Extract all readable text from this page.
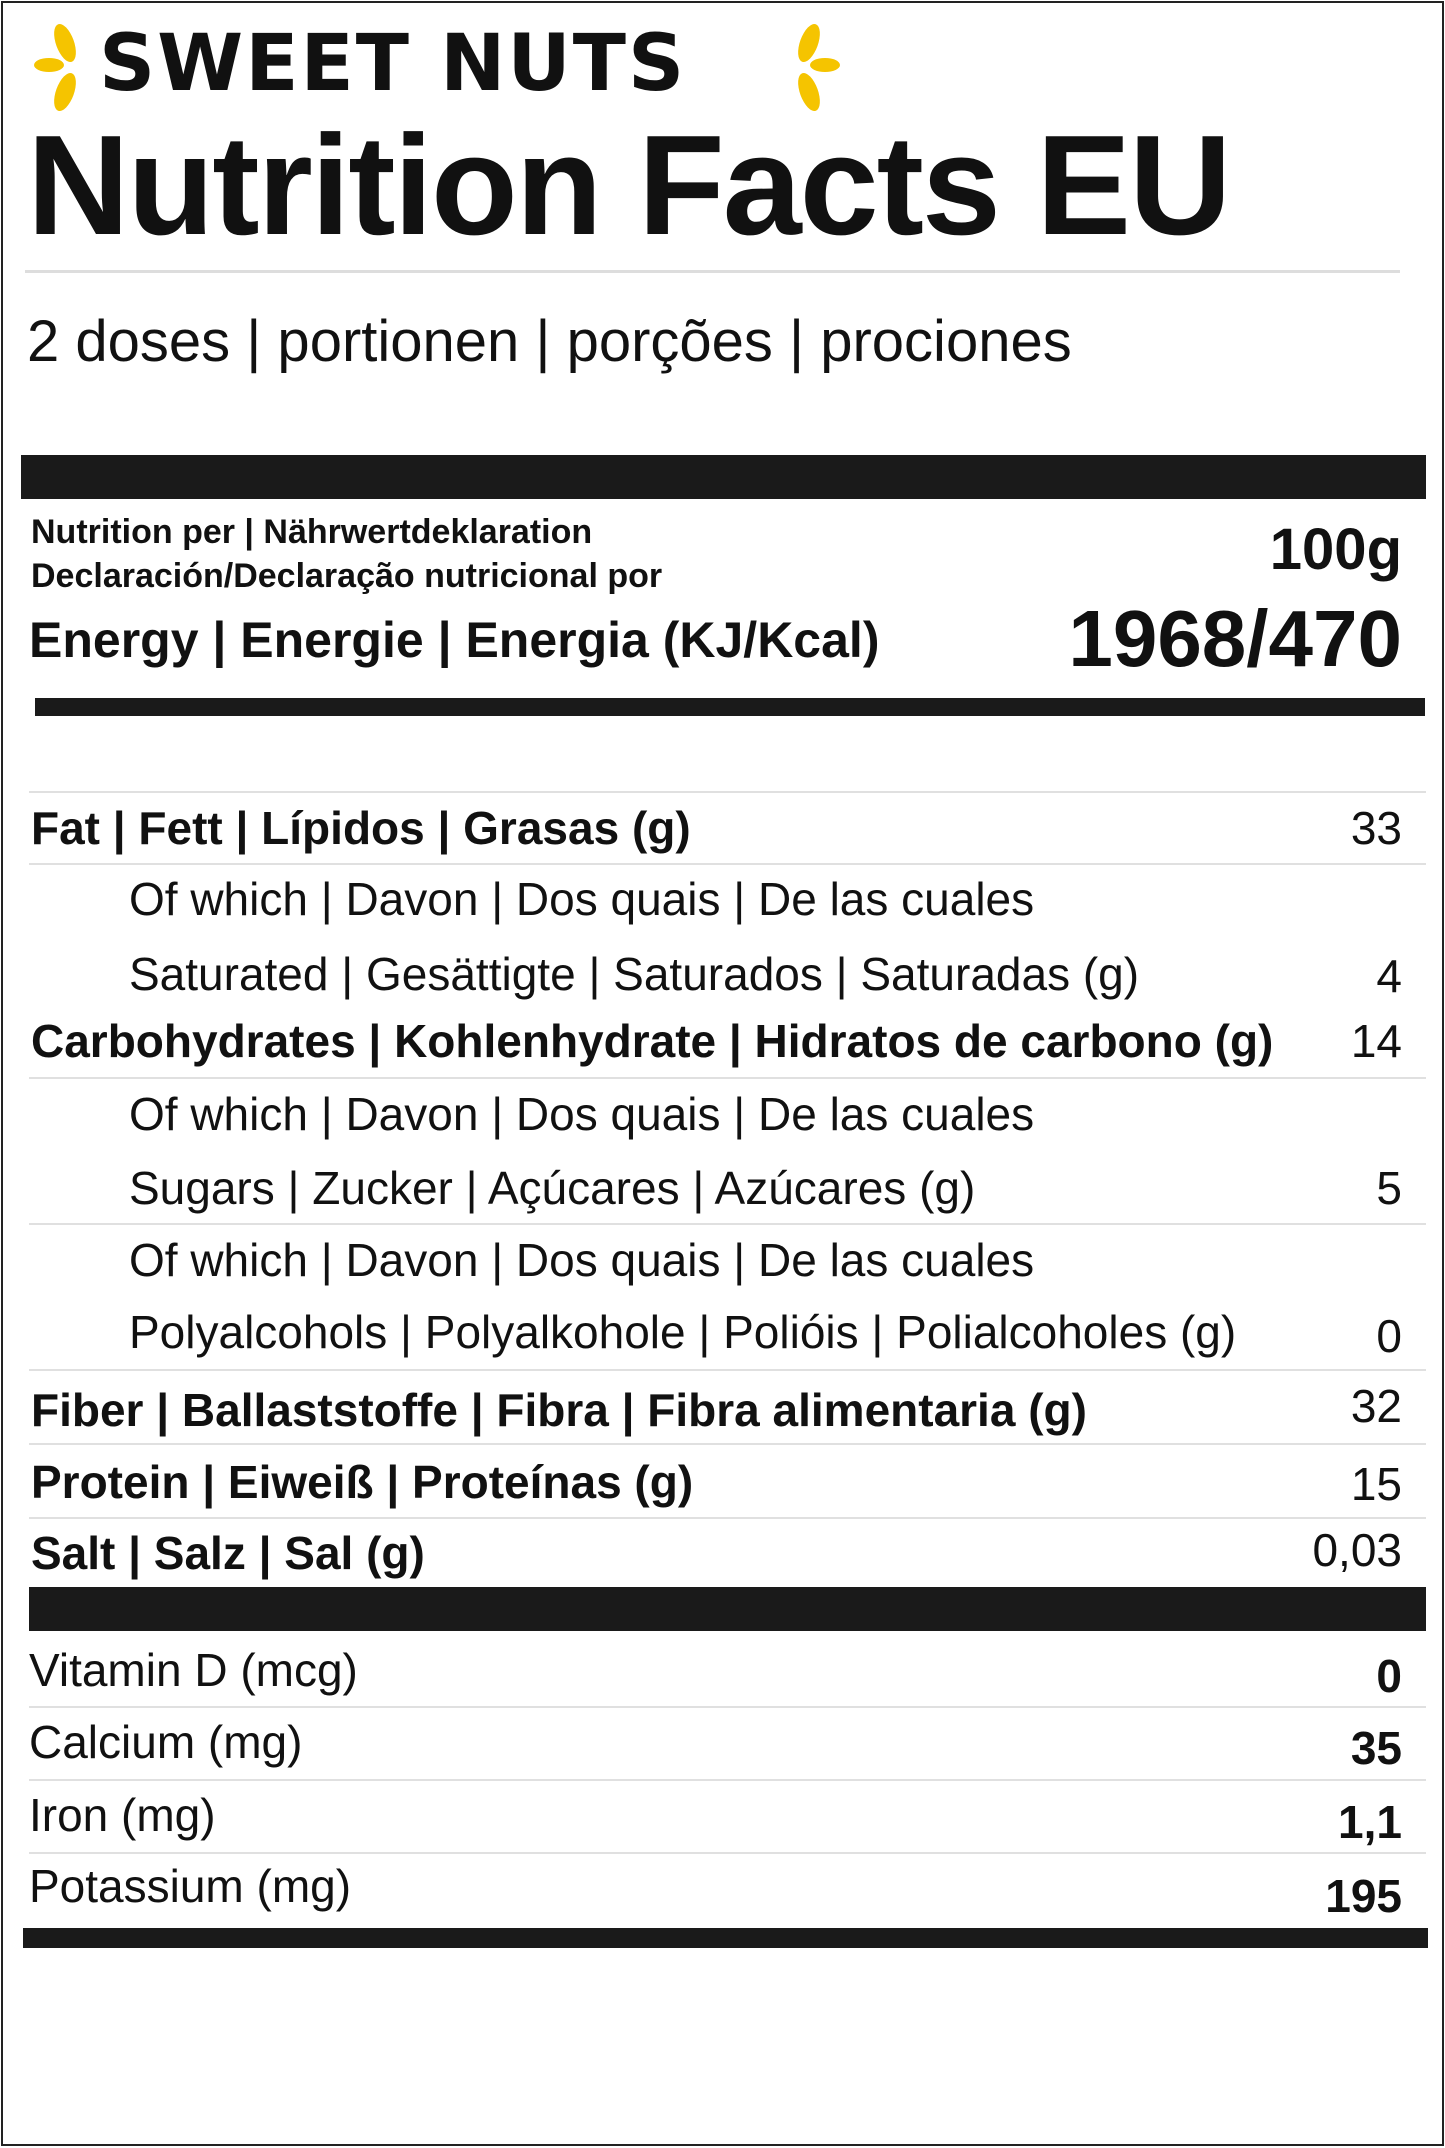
SWEET NUTS
Nutrition Facts EU
2 doses | portionen | porções | prociones
Nutrition per | Nährwertdeklaration
Declaración/Declaração nutricional por	100g
Energy | Energie | Energia (KJ/Kcal) 1968/470
Fat | Fett | Lípidos | Grasas (g)	33
Of which | Davon | Dos quais | De las cuales
Saturated | Gesättigte | Saturados | Saturadas (g)	4
Carbohydrates | Kohlenhydrate | Hidratos de carbono (g) 14
Of which | Davon | Dos quais | De las cuales
Sugars | Zucker | Açúcares | Azúcares (g)	5
Of which | Davon | Dos quais | De las cuales
Polyalcohols | Polyalkohole | Polióis | Polialcoholes (g)	0
Fiber | Ballaststoffe | Fibra | Fibra alimentaria (g)	32
Protein | Eiweiß | Proteínas (g)	15
Salt | Salz | Sal (g)	0,03
Vitamin D (mcg)	0
Calcium (mg)	35
Iron (mg)	1,1
Potassium (mg)	195
